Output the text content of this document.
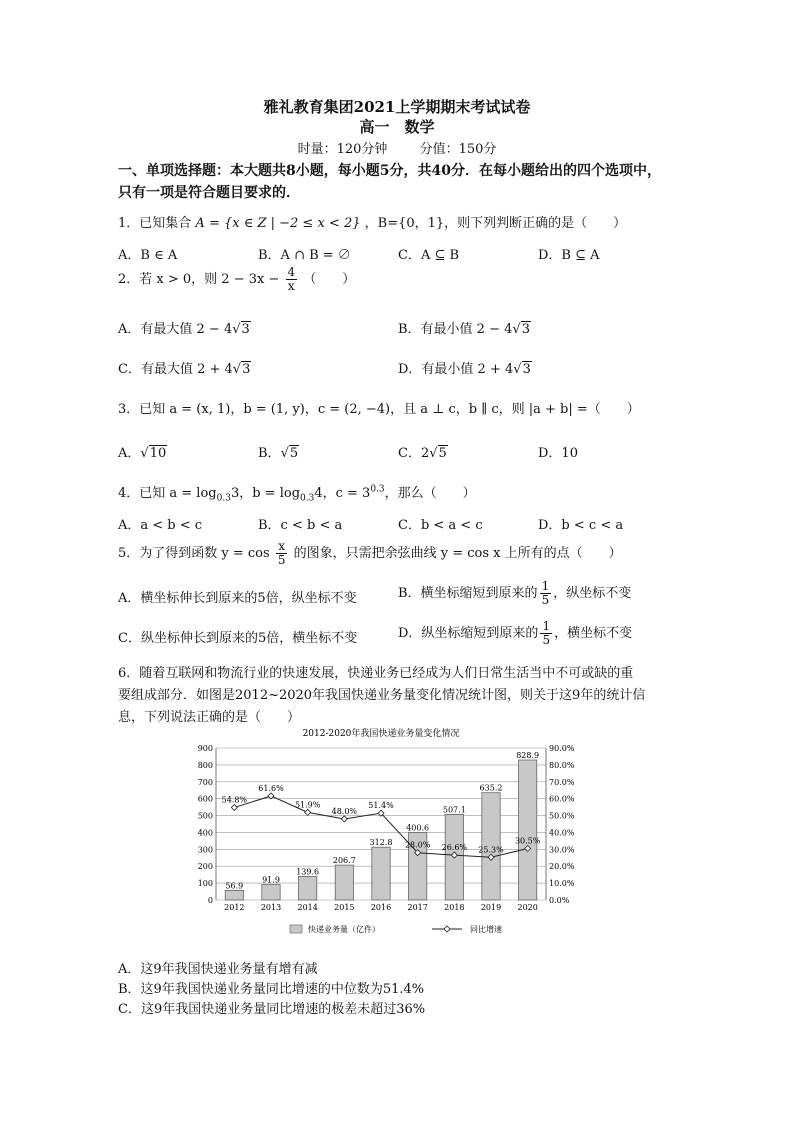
雅礼教育集团2021上学期期末考试试卷
高一　数学
时量：120分钟 分值：150分
一、单项选择题：本大题共8小题，每小题5分，共40分．在每小题给出的四个选项中，
只有一项是符合题目要求的．
1．已知集合 A = {x ∈ Z | −2 ≤ x < 2} ，B={0，1}，则下列判断正确的是（　　）
A．B ∈ A	B．A ∩ B = ∅	C．A ⊆ B	D．B ⊆ A
2．若 x > 0，则 $2 - 3x - \frac{4}{x}$ （　　）
A．有最大值 2 − 4√3	B．有最小值 2 − 4√3
C．有最大值 2 + 4√3	D．有最小值 2 + 4√3
3．已知 a = (x, 1)，b = (1, y)，c = (2, −4)，且 a ⊥ c，b ∥ c，则 |a + b| =（　　）
A．√10	B．√5	C．2√5	D．10
4．已知 $a = \log_{0.3}3$，$b = \log_{0.3}4$，$c = 3^{0.3}$，那么（　　）
A．a < b < c	B．c < b < a	C．b < a < c	D．b < c < a
5．为了得到函数 $y = \cos \frac{x}{5}$ 的图象，只需把余弦曲线 y = cos x 上所有的点（　　）
A．横坐标伸长到原来的5倍，纵坐标不变	B．横坐标缩短到原来的 $\frac{1}{5}$ ，纵坐标不变
C．纵坐标伸长到原来的5倍，横坐标不变	D．纵坐标缩短到原来的 $\frac{1}{5}$ ，横坐标不变
6．随着互联网和物流行业的快速发展，快递业务已经成为人们日常生活当中不可或缺的重
要组成部分．如图是2012~2020年我国快递业务量变化情况统计图，则关于这9年的统计信
息，下列说法正确的是（　　）
2012-2020年我国快递业务量变化情况
0
100
200
300
400
500
600
700
800
900
0.0%
10.0%
20.0%
30.0%
40.0%
50.0%
60.0%
70.0%
80.0%
90.0%
56.9
2012
91.9
2013
139.6
2014
206.7
2015
312.8
2016
400.6
2017
507.1
2018
635.2
2019
828.9
2020
54.8%
61.6%
51.9%
48.0%
51.4%
28.0% 26.6% 25.3%
30.5%
快递业务量（亿件）	同比增速
A．这9年我国快递业务量有增有减
B．这9年我国快递业务量同比增速的中位数为51.4%
C．这9年我国快递业务量同比增速的极差未超过36%
